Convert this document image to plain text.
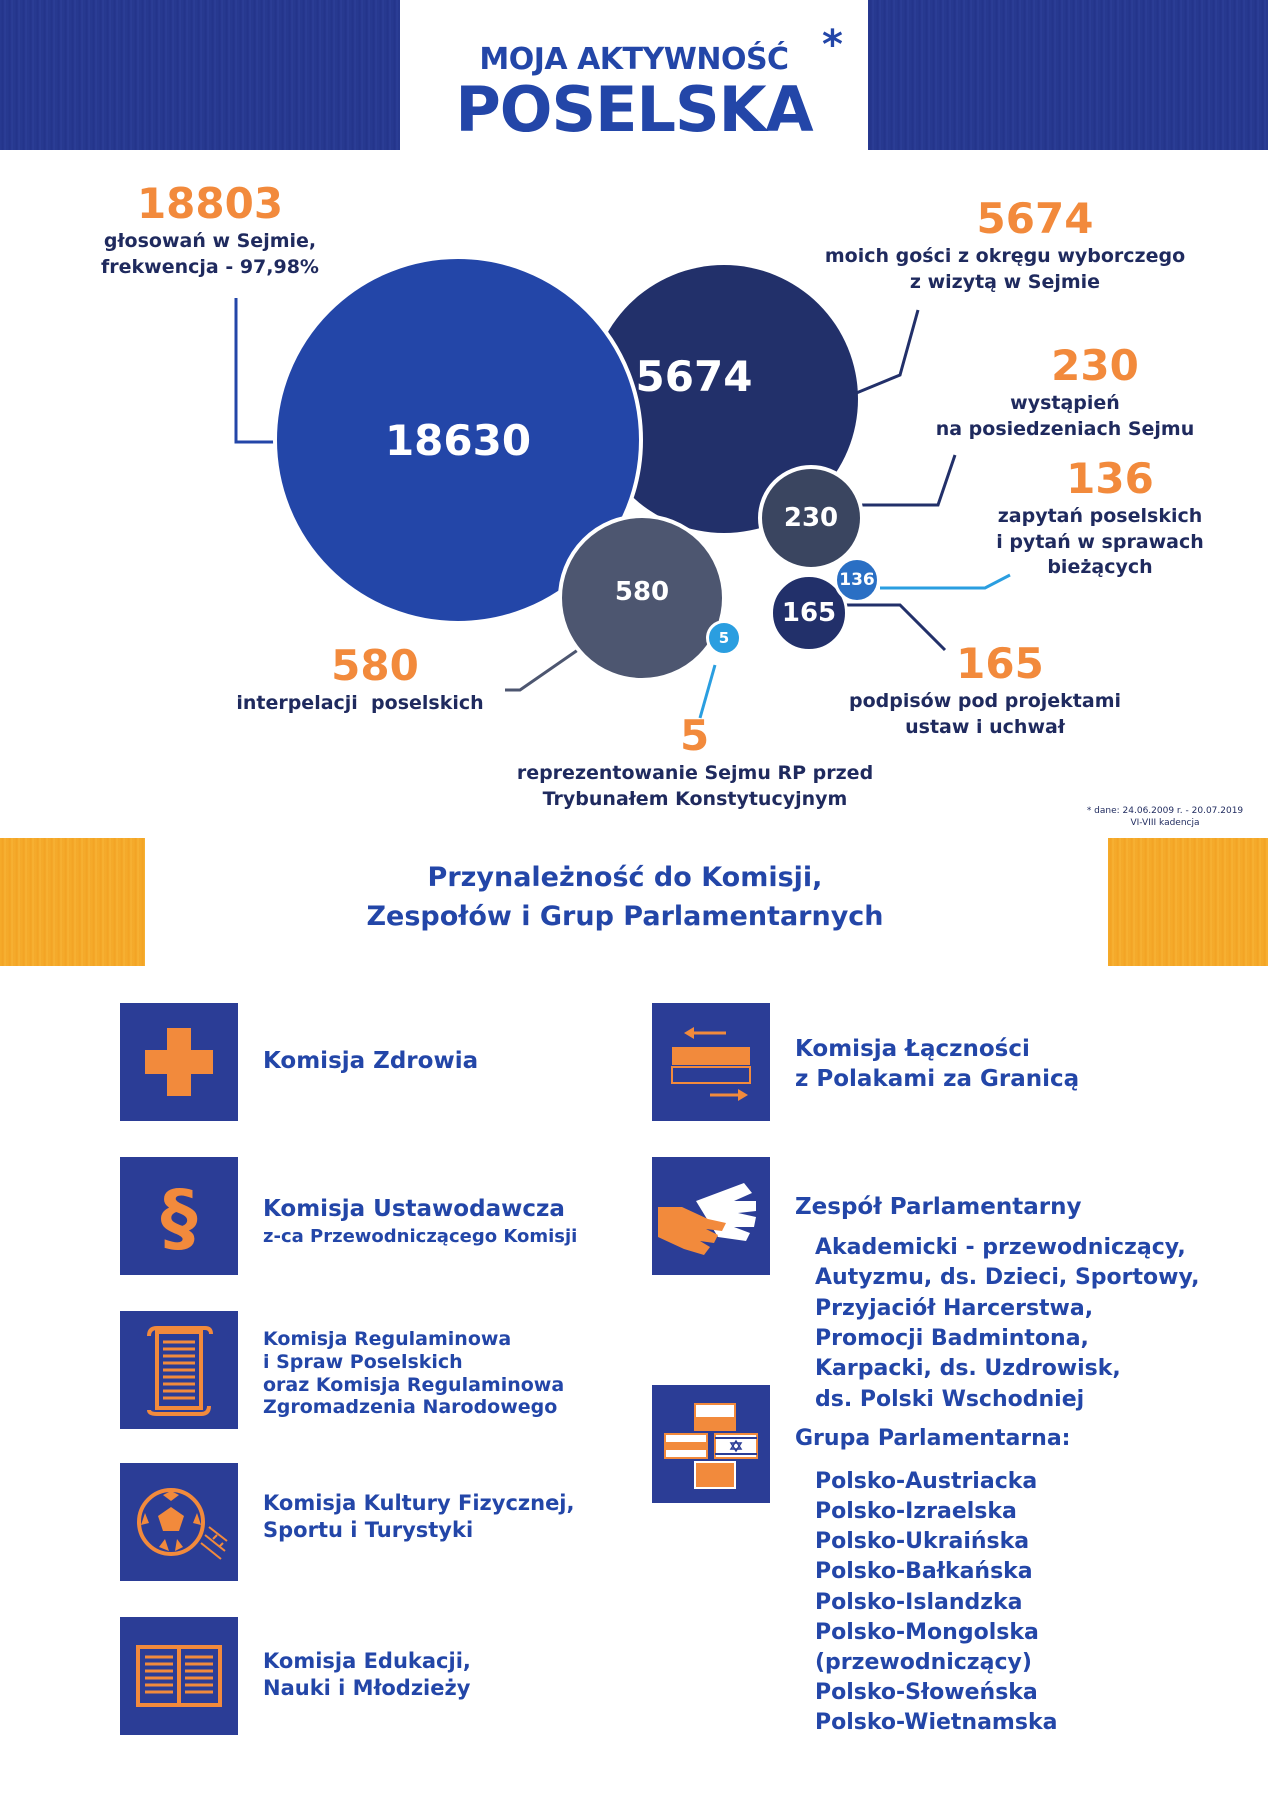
MOJA AKTYWNOŚĆ
POSELSKA
*
5674
18630
580
230
165
136
5
18803
głosowań w Sejmie,
frekwencja - 97,98%
5674
moich gości z okręgu wyborczego
z wizytą w Sejmie
230
wystąpień
na posiedzeniach Sejmu
136
zapytań poselskich
i pytań w sprawach
bieżących
165
podpisów pod projektami
ustaw i uchwał
580
interpelacji  poselskich
5
reprezentowanie Sejmu RP przed
Trybunałem Konstytucyjnym
* dane: 24.06.2009 r. - 20.07.2019
VI-VIII kadencja
Przynależność do Komisji,
Zespołów i Grup Parlamentarnych
Komisja Zdrowia
§	Komisja Ustawodawcza
z-ca Przewodniczącego Komisji
Komisja Regulaminowa
i Spraw Poselskich
oraz Komisja Regulaminowa
Zgromadzenia Narodowego
Komisja Kultury Fizycznej,
Sportu i Turystyki
Komisja Edukacji,
Nauki i Młodzieży
Komisja Łączności
z Polakami za Granicą
Zespół Parlamentarny
Akademicki - przewodniczący,
Autyzmu, ds. Dzieci, Sportowy,
Przyjaciół Harcerstwa,
Promocji Badmintona,
Karpacki, ds. Uzdrowisk,
ds. Polski Wschodniej
Grupa Parlamentarna:
Polsko-Austriacka
Polsko-Izraelska
Polsko-Ukraińska
Polsko-Bałkańska
Polsko-Islandzka
Polsko-Mongolska
(przewodniczący)
Polsko-Słoweńska
Polsko-Wietnamska
